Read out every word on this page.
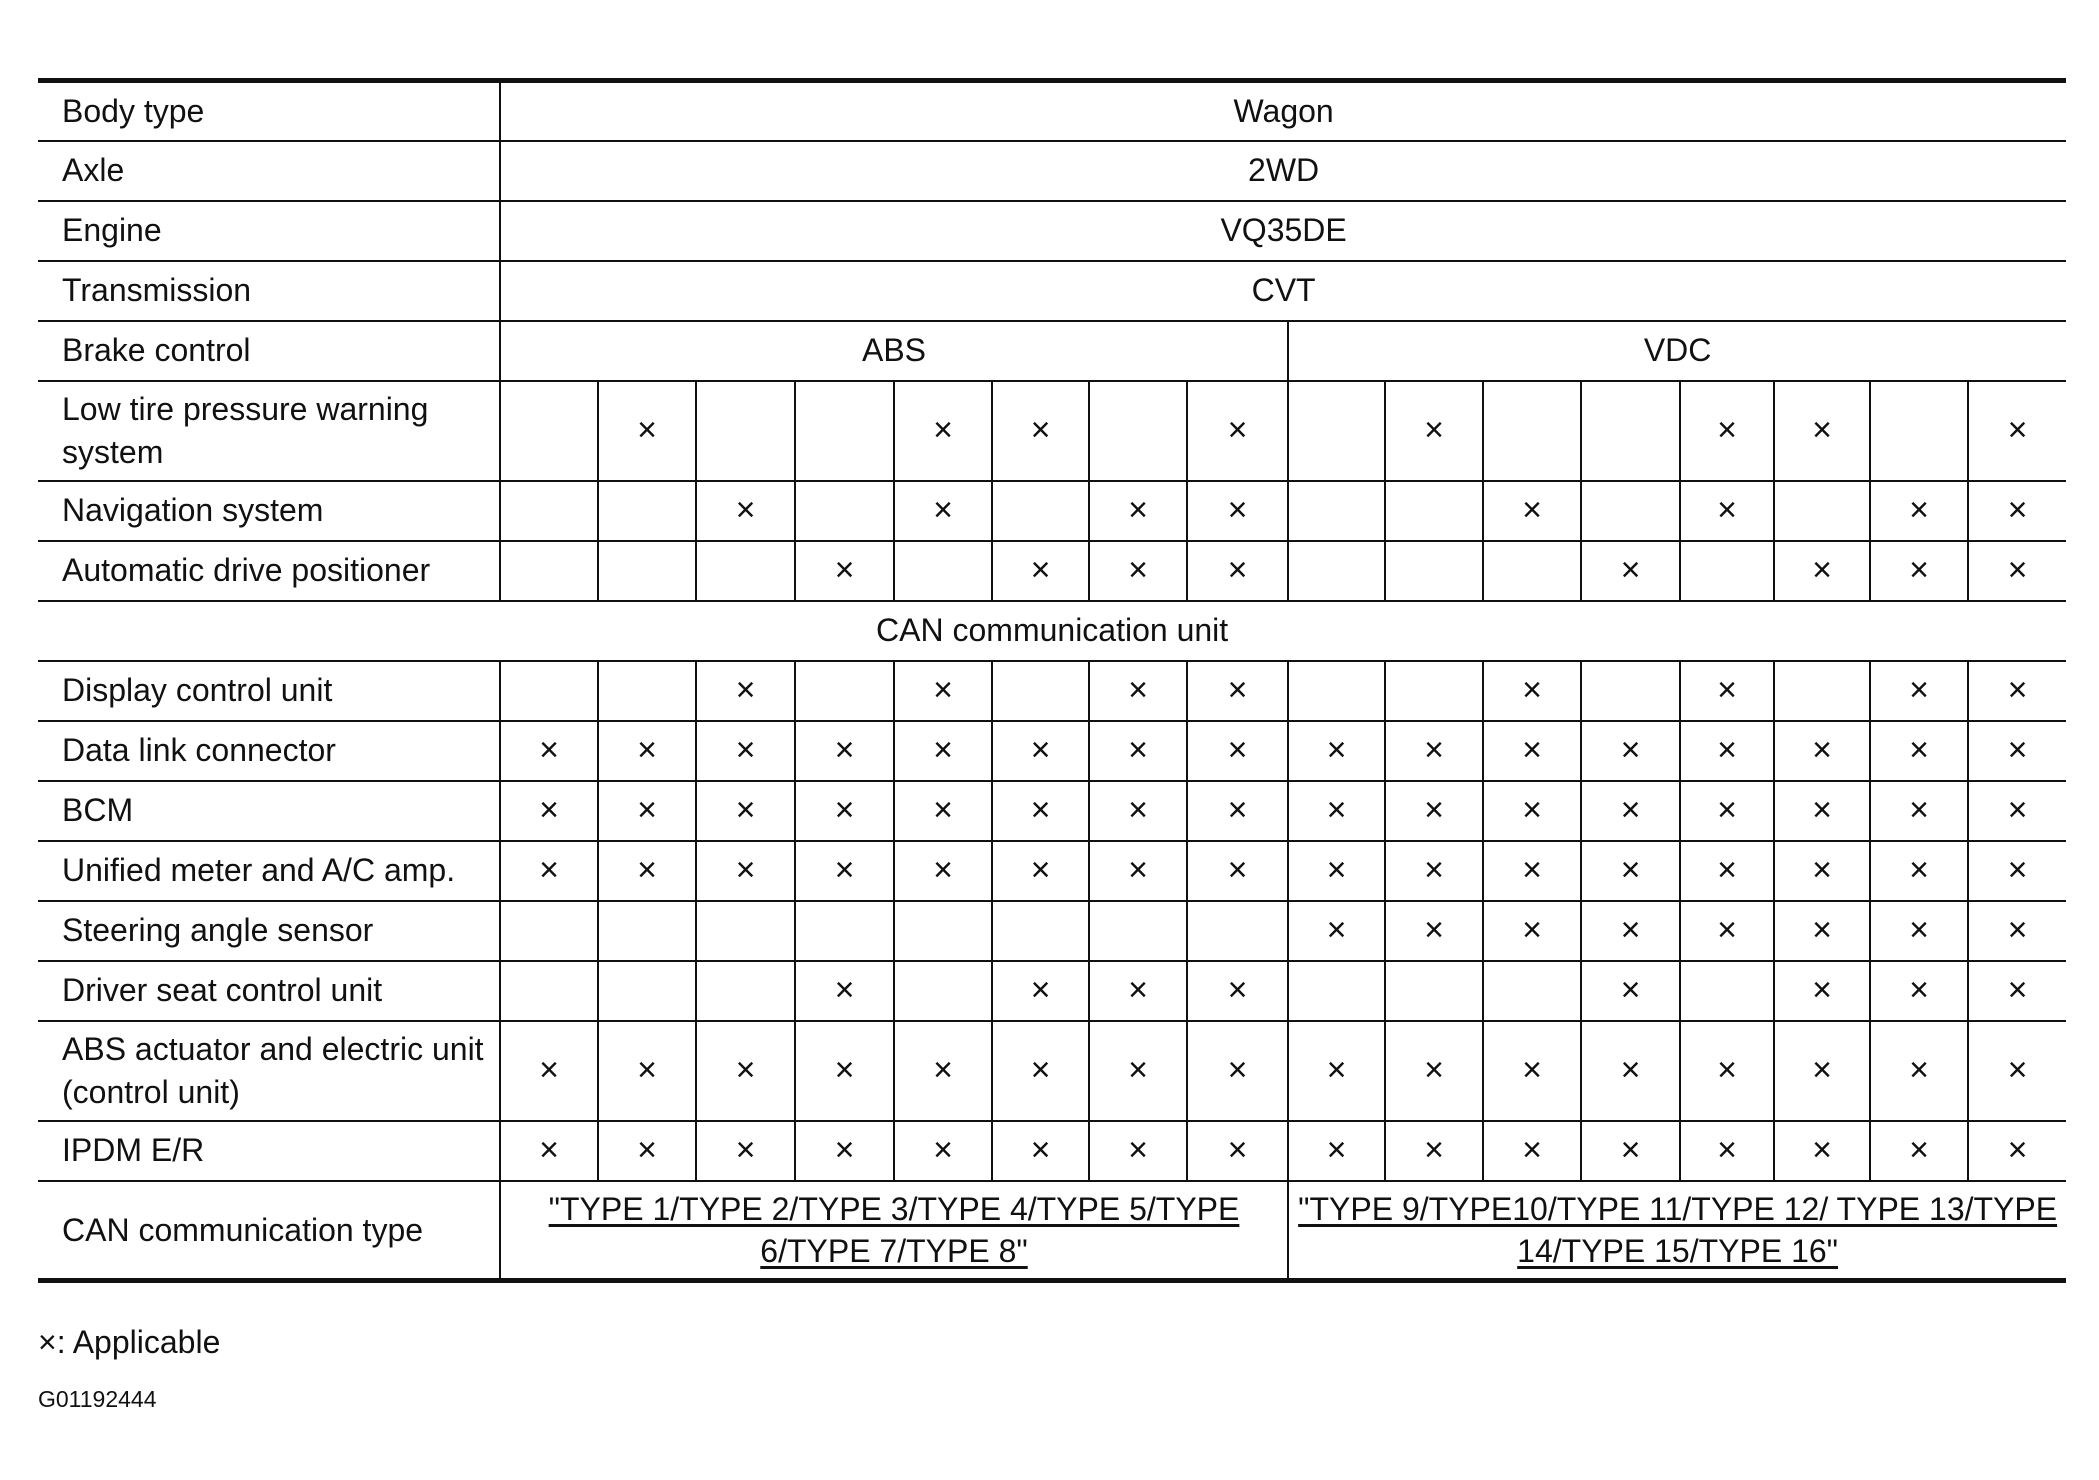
Body type	Wagon															
Axle	2WD															
Engine	VQ35DE															
Transmission	CVT															
Brake control	ABS								VDC							
Low tire pressure warning system		×			×	×		×		×			×	×		×
Navigation system			×		×		×	×			×		×		×	×
Automatic drive positioner				×		×	×	×				×		×	×	×
CAN communication unit																
Display control unit			×		×		×	×			×		×		×	×
Data link connector	×	×	×	×	×	×	×	×	×	×	×	×	×	×	×	×
BCM	×	×	×	×	×	×	×	×	×	×	×	×	×	×	×	×
Unified meter and A/C amp.	×	×	×	×	×	×	×	×	×	×	×	×	×	×	×	×
Steering angle sensor									×	×	×	×	×	×	×	×
Driver seat control unit				×		×	×	×				×		×	×	×
ABS actuator and electric unit (control unit)	×	×	×	×	×	×	×	×	×	×	×	×	×	×	×	×
IPDM E/R	×	×	×	×	×	×	×	×	×	×	×	×	×	×	×	×
CAN communication type	"TYPE 1/TYPE 2/TYPE 3/TYPE 4/TYPE 5/TYPE 6/TYPE 7/TYPE 8"								"TYPE 9/TYPE10/TYPE 11/TYPE 12/ TYPE 13/TYPE 14/TYPE 15/TYPE 16"							
×: Applicable
G01192444
